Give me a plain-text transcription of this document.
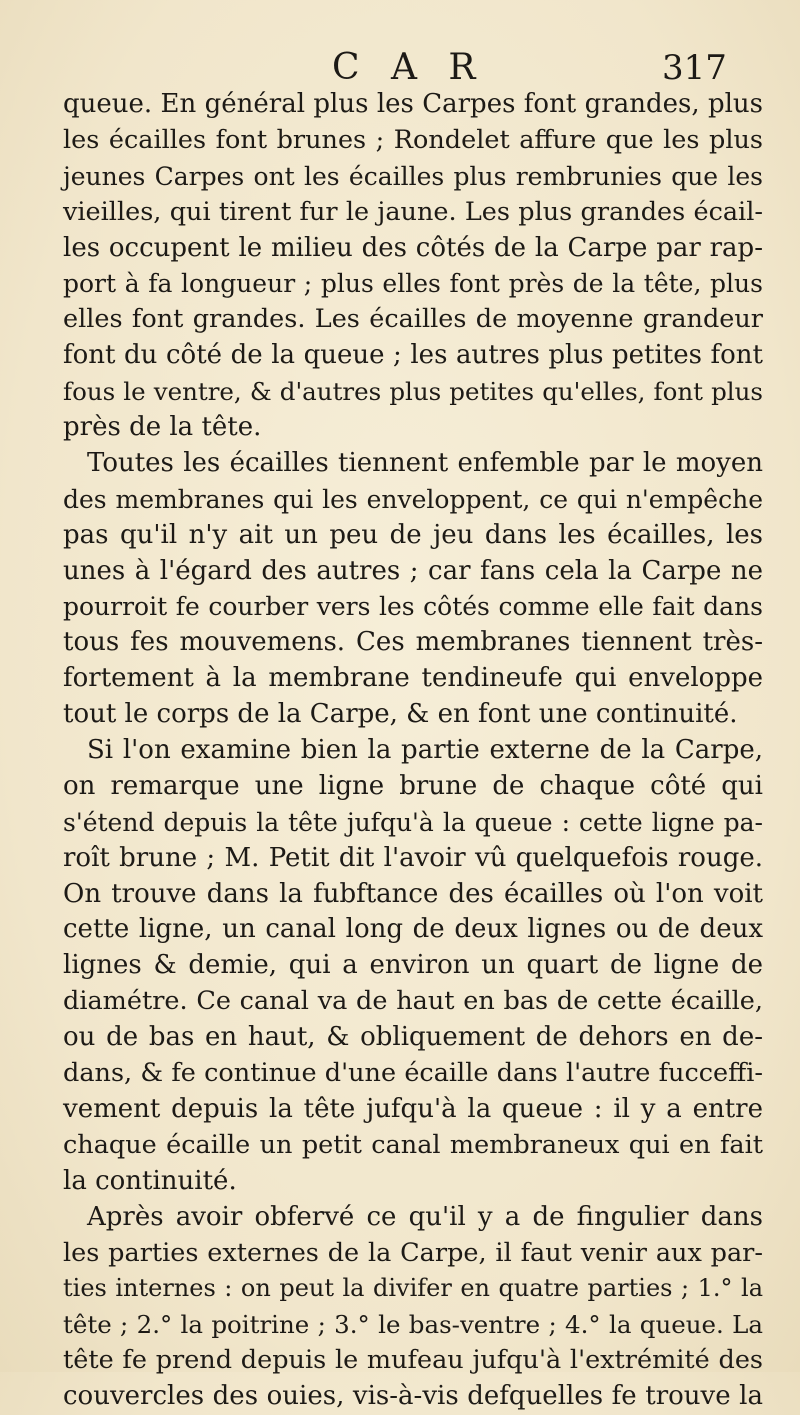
C A R	317
queue. En général plus les Carpes font grandes, plus
les écailles font brunes ; Rondelet affure que les plus
jeunes Carpes ont les écailles plus rembrunies que les
vieilles, qui tirent fur le jaune. Les plus grandes écail-
les occupent le milieu des côtés de la Carpe par rap-
port à fa longueur ; plus elles font près de la tête, plus
elles font grandes. Les écailles de moyenne grandeur
font du côté de la queue ; les autres plus petites font
fous le ventre, & d'autres plus petites qu'elles, font plus
près de la tête.
Toutes les écailles tiennent enfemble par le moyen
des membranes qui les enveloppent, ce qui n'empêche
pas qu'il n'y ait un peu de jeu dans les écailles, les
unes à l'égard des autres ; car fans cela la Carpe ne
pourroit fe courber vers les côtés comme elle fait dans
tous fes mouvemens. Ces membranes tiennent très-
fortement à la membrane tendineufe qui enveloppe
tout le corps de la Carpe, & en font une continuité.
Si l'on examine bien la partie externe de la Carpe,
on remarque une ligne brune de chaque côté qui
s'étend depuis la tête jufqu'à la queue : cette ligne pa-
roît brune ; M. Petit dit l'avoir vû quelquefois rouge.
On trouve dans la fubftance des écailles où l'on voit
cette ligne, un canal long de deux lignes ou de deux
lignes & demie, qui a environ un quart de ligne de
diamétre. Ce canal va de haut en bas de cette écaille,
ou de bas en haut, & obliquement de dehors en de-
dans, & fe continue d'une écaille dans l'autre fucceffi-
vement depuis la tête jufqu'à la queue : il y a entre
chaque écaille un petit canal membraneux qui en fait
la continuité.
Après avoir obfervé ce qu'il y a de fingulier dans
les parties externes de la Carpe, il faut venir aux par-
ties internes : on peut la divifer en quatre parties ; 1.° la
tête ; 2.° la poitrine ; 3.° le bas-ventre ; 4.° la queue. La
tête fe prend depuis le mufeau jufqu'à l'extrémité des
couvercles des ouies, vis-à-vis defquelles fe trouve la
